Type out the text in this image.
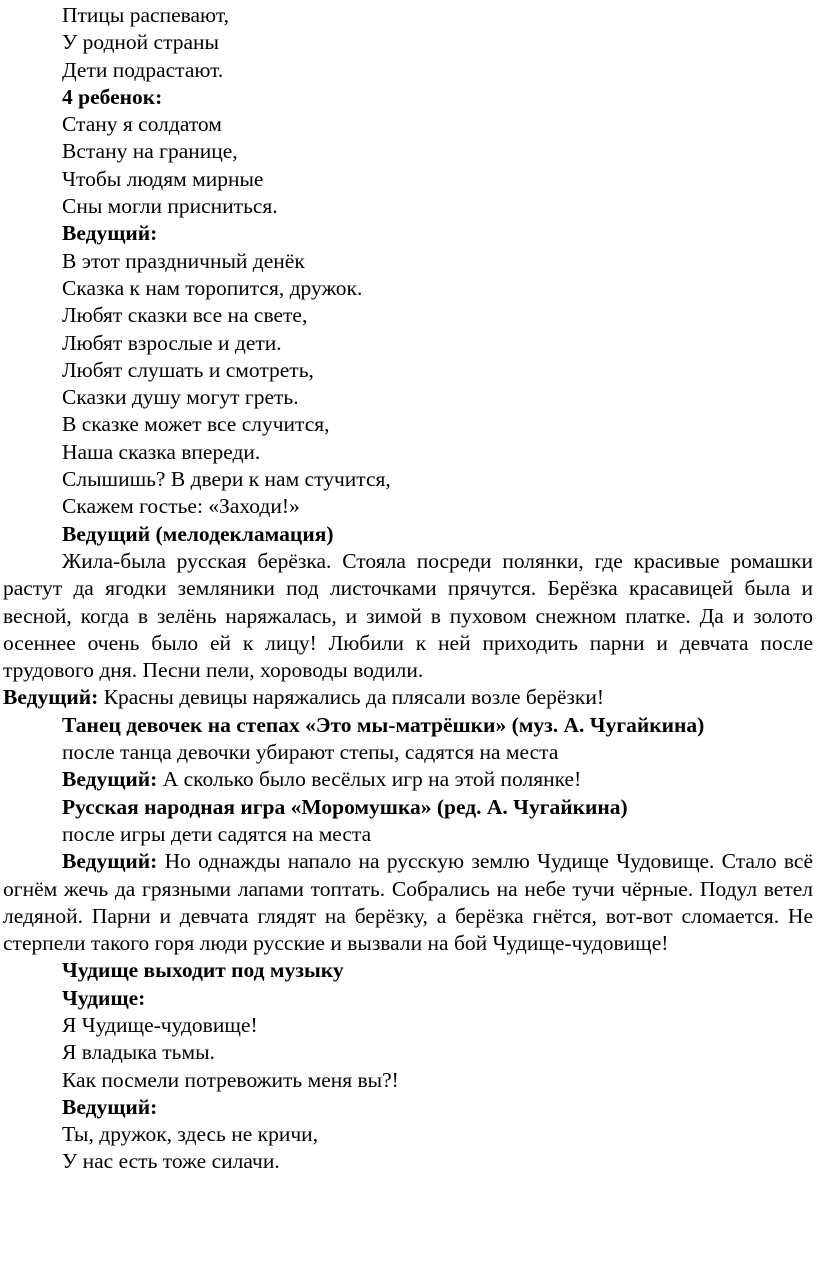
Птицы распевают,
У родной страны
Дети подрастают.
4 ребенок:
Стану я солдатом
Встану на границе,
Чтобы людям мирные
Сны могли присниться.
Ведущий:
В этот праздничный денёк
Сказка к нам торопится, дружок.
Любят сказки все на свете,
Любят взрослые и дети.
Любят слушать и смотреть,
Сказки душу могут греть.
В сказке может все случится,
Наша сказка впереди.
Слышишь? В двери к нам стучится,
Скажем гостье: «Заходи!»
Ведущий (мелодекламация)

Жила-была русская берёзка. Стояла посреди полянки, где красивые ромашки растут да ягодки земляники под листочками прячутся. Берёзка красавицей была и весной, когда в зелёнь наряжалась, и зимой в пуховом снежном платке. Да и золото осеннее очень было ей к лицу! Любили к ней приходить парни и девчата после трудового дня. Песни пели, хороводы водили.

Ведущий: Красны девицы наряжались да плясали возле берёзки!

Танец девочек на степах «Это мы-матрёшки» (муз. А. Чугайкина)
после танца девочки убирают степы, садятся на места

Ведущий: А сколько было весёлых игр на этой полянке!

Русская народная игра «Моромушка» (ред. А. Чугайкина)
после игры дети садятся на места

Ведущий: Но однажды напало на русскую землю Чудище Чудовище. Стало всё огнём жечь да грязными лапами топтать. Собрались на небе тучи чёрные. Подул ветел ледяной. Парни и девчата глядят на берёзку, а берёзка гнётся, вот-вот сломается. Не стерпели такого горя люди русские и вызвали на бой Чудище-чудовище!

Чудище выходит под музыку
Чудище:
Я Чудище-чудовище!
Я владыка тьмы.
Как посмели потревожить меня вы?!
Ведущий:
Ты, дружок, здесь не кричи,
У нас есть тоже силачи.
